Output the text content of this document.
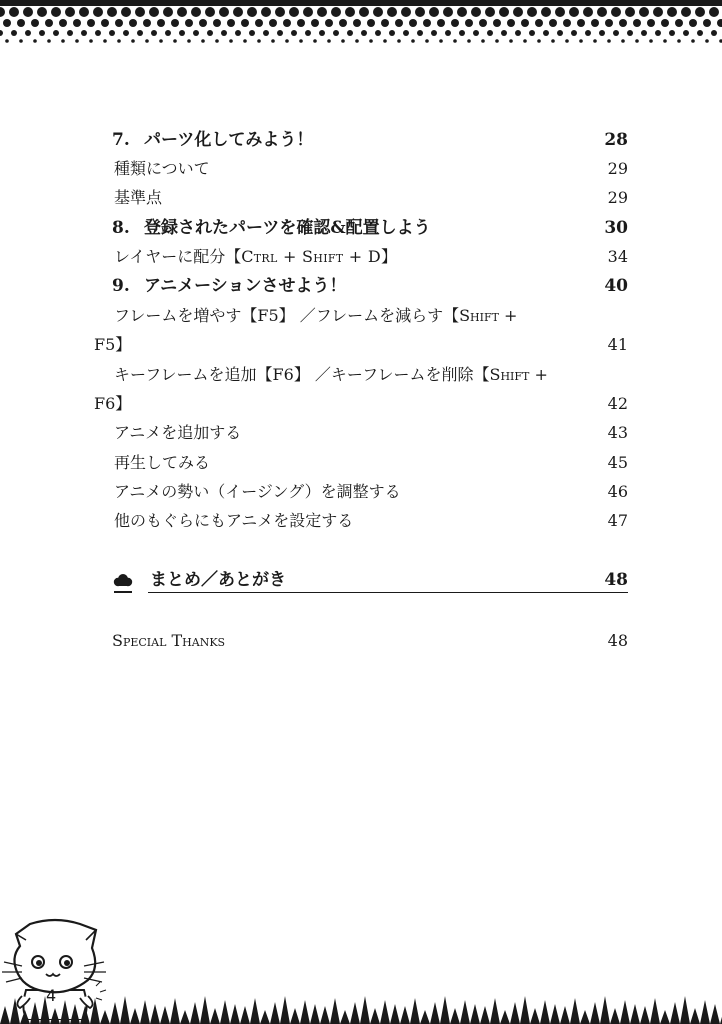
7. パーツ化してみよう！	28
種類について	29
基準点	29
8. 登録されたパーツを確認&配置しよう	30
レイヤーに配分【Ctrl + Shift + D】	34
9. アニメーションさせよう！	40
フレームを増やす【F5】 ／フレームを減らす【Shift +
F5】	41
キーフレームを追加【F6】 ／キーフレームを削除【Shift +
F6】	42
アニメを追加する	43
再生してみる	45
アニメの勢い（イージング）を調整する	46
他のもぐらにもアニメを設定する	47
まとめ／あとがき	48
Special Thanks	48
4
